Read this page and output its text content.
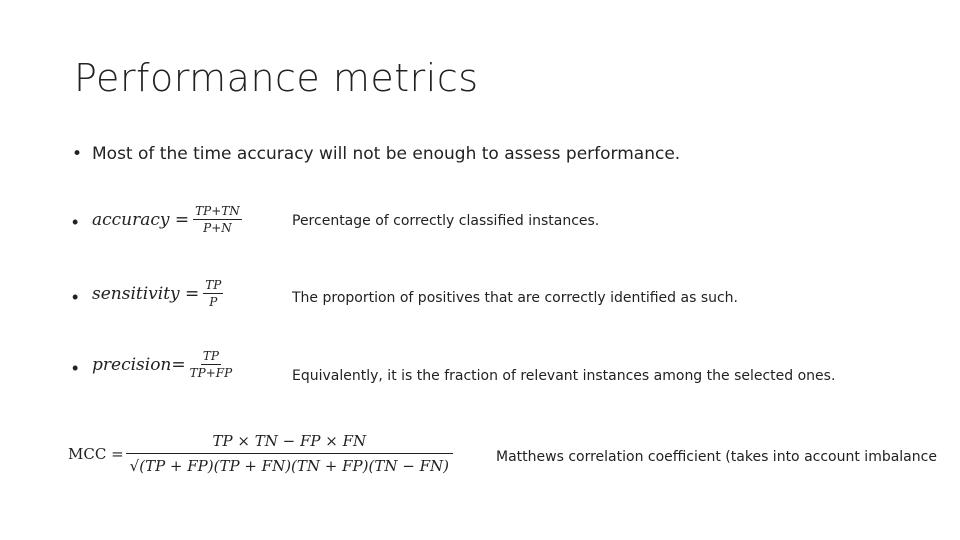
Performance metrics
• Most of the time accuracy will not be enough to assess performance.
• accuracy = $\frac{TP+TN}{P+N}$	Percentage of correctly classified instances.
• sensitivity = $\frac{TP}{P}$	The proportion of positives that are correctly identified as such.
• precision= $\frac{TP}{TP+FP}$	Equivalently, it is the fraction of relevant instances among the selected ones.
MCC = $\frac{TP \times TN - FP \times FN}{√(TP + FP)(TP + FN)(TN + FP)(TN - FN)}$	Matthews correlation coefficient (takes into account imbalance
